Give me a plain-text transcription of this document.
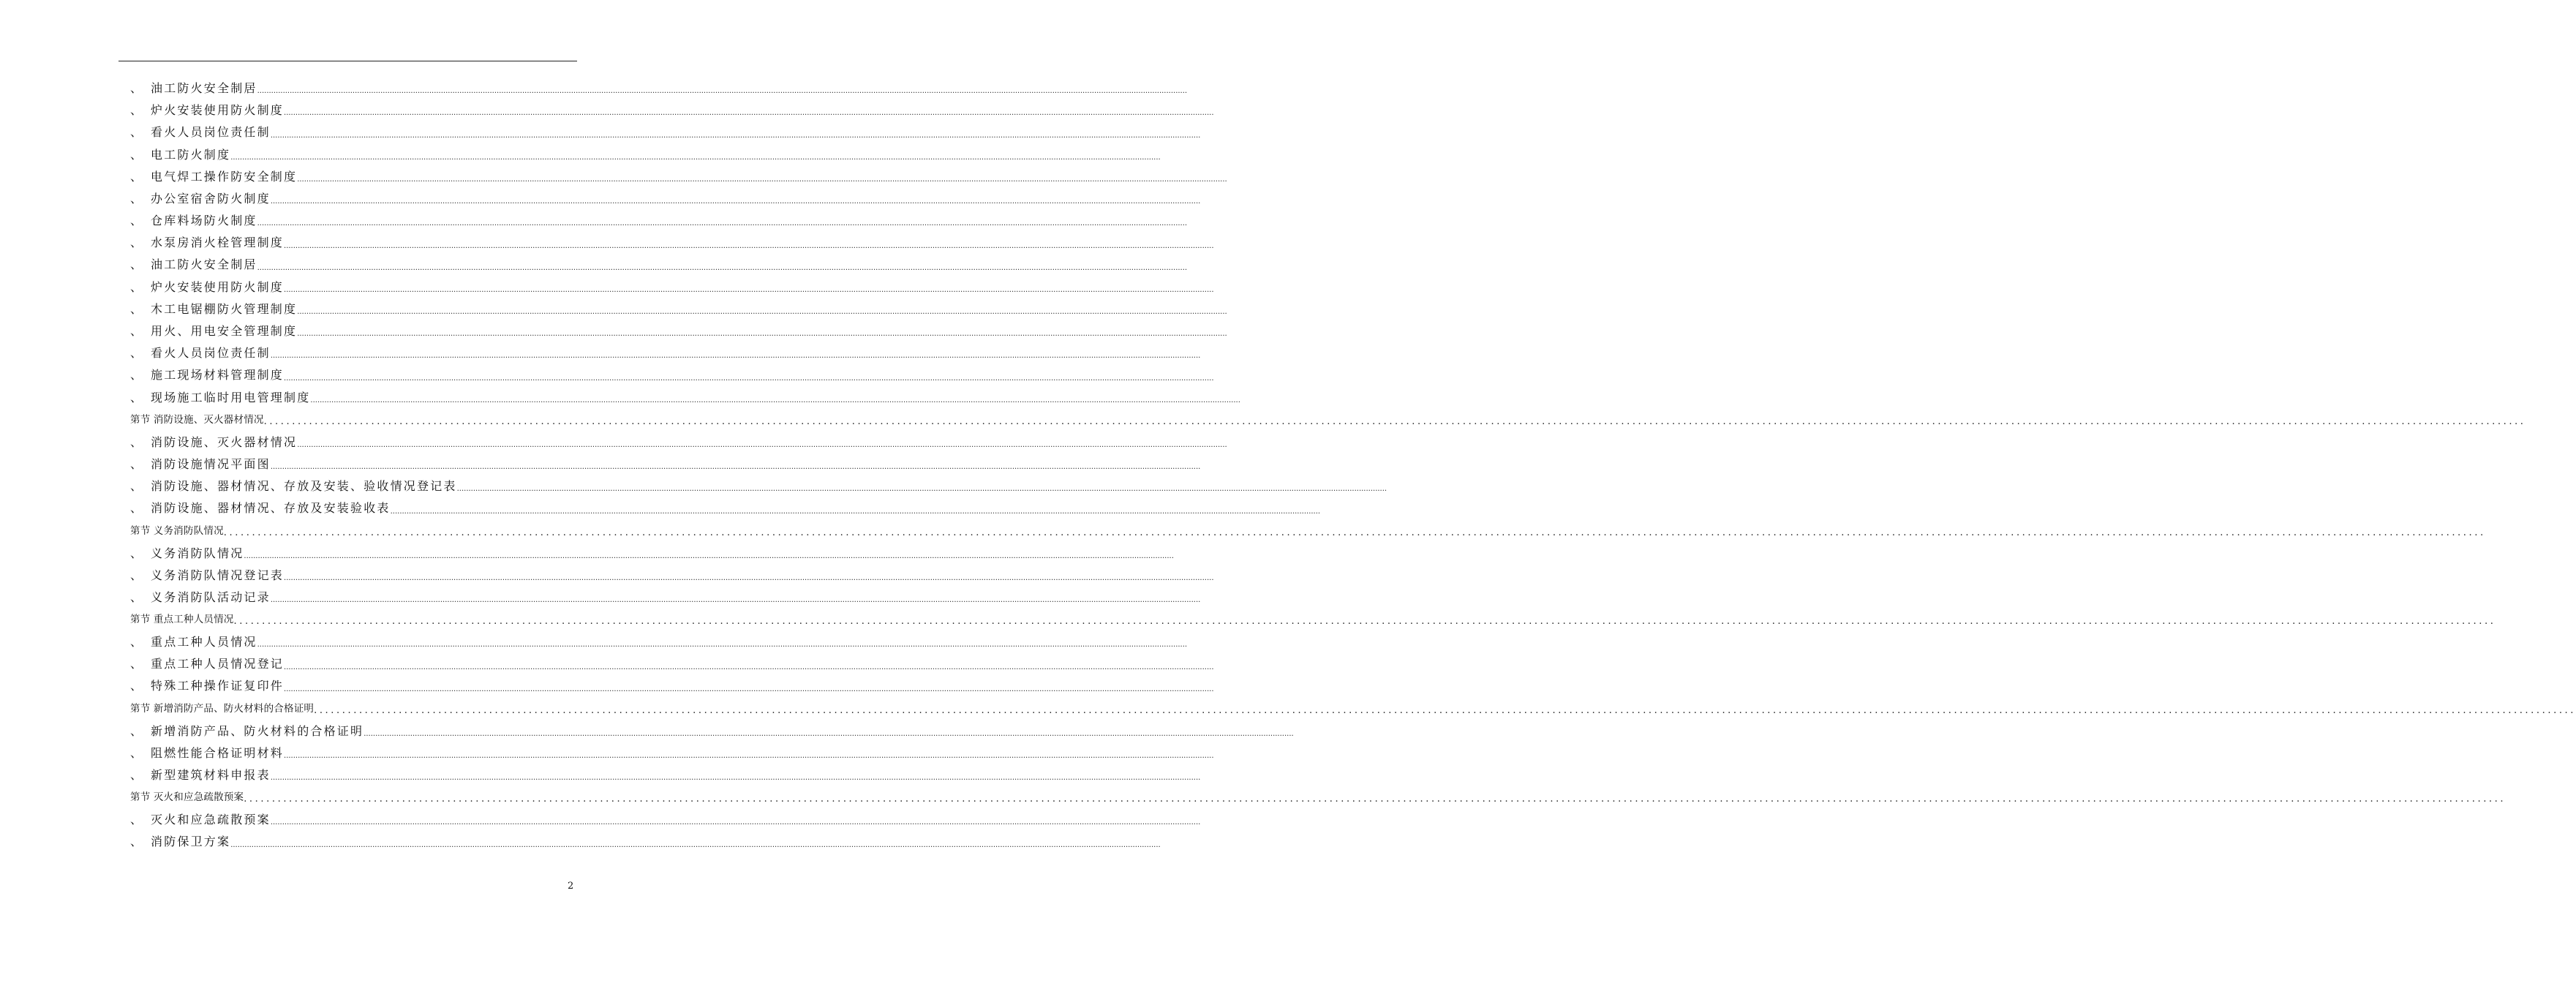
、 油工防火安全制居 ................................................................................................................................................................................................................................................................................................................................................................................................................
、 炉火安装使用防火制度 ................................................................................................................................................................................................................................................................................................................................................................................................................
、 看火人员岗位责任制 ................................................................................................................................................................................................................................................................................................................................................................................................................
、 电工防火制度 ................................................................................................................................................................................................................................................................................................................................................................................................................
、 电气焊工操作防安全制度 ................................................................................................................................................................................................................................................................................................................................................................................................................
、 办公室宿舍防火制度 ................................................................................................................................................................................................................................................................................................................................................................................................................
、 仓库料场防火制度 ................................................................................................................................................................................................................................................................................................................................................................................................................
、 水泵房消火栓管理制度 ................................................................................................................................................................................................................................................................................................................................................................................................................
、 油工防火安全制居 ................................................................................................................................................................................................................................................................................................................................................................................................................
、 炉火安装使用防火制度 ................................................................................................................................................................................................................................................................................................................................................................................................................
、 木工电锯棚防火管理制度 ................................................................................................................................................................................................................................................................................................................................................................................................................
、 用火、用电安全管理制度 ................................................................................................................................................................................................................................................................................................................................................................................................................
、 看火人员岗位责任制 ................................................................................................................................................................................................................................................................................................................................................................................................................
、 施工现场材料管理制度 ................................................................................................................................................................................................................................................................................................................................................................................................................
、 现场施工临时用电管理制度 ................................................................................................................................................................................................................................................................................................................................................................................................................
第节 消防设施、灭火器材情况 ................................................................................................................................................................................................................................................................................................................................................................................................................
、 消防设施、灭火器材情况 ................................................................................................................................................................................................................................................................................................................................................................................................................
、 消防设施情况平面图 ................................................................................................................................................................................................................................................................................................................................................................................................................
、 消防设施、器材情况、存放及安装、验收情况登记表 ................................................................................................................................................................................................................................................................................................................................................................................................................
、 消防设施、器材情况、存放及安装验收表 ................................................................................................................................................................................................................................................................................................................................................................................................................
第节 义务消防队情况 ................................................................................................................................................................................................................................................................................................................................................................................................................
、 义务消防队情况 ................................................................................................................................................................................................................................................................................................................................................................................................................
、 义务消防队情况登记表 ................................................................................................................................................................................................................................................................................................................................................................................................................
、 义务消防队活动记录 ................................................................................................................................................................................................................................................................................................................................................................................................................
第节 重点工种人员情况 ................................................................................................................................................................................................................................................................................................................................................................................................................
、 重点工种人员情况 ................................................................................................................................................................................................................................................................................................................................................................................................................
、 重点工种人员情况登记 ................................................................................................................................................................................................................................................................................................................................................................................................................
、 特殊工种操作证复印件 ................................................................................................................................................................................................................................................................................................................................................................................................................
第节 新增消防产品、防火材料的合格证明 ................................................................................................................................................................................................................................................................................................................................................................................................................
、 新增消防产品、防火材料的合格证明 ................................................................................................................................................................................................................................................................................................................................................................................................................
、 阻燃性能合格证明材料 ................................................................................................................................................................................................................................................................................................................................................................................................................
、 新型建筑材料申报表 ................................................................................................................................................................................................................................................................................................................................................................................................................
第节 灭火和应急疏散预案 ................................................................................................................................................................................................................................................................................................................................................................................................................
、 灭火和应急疏散预案 ................................................................................................................................................................................................................................................................................................................................................................................................................
、 消防保卫方案 ................................................................................................................................................................................................................................................................................................................................................................................................................
2
